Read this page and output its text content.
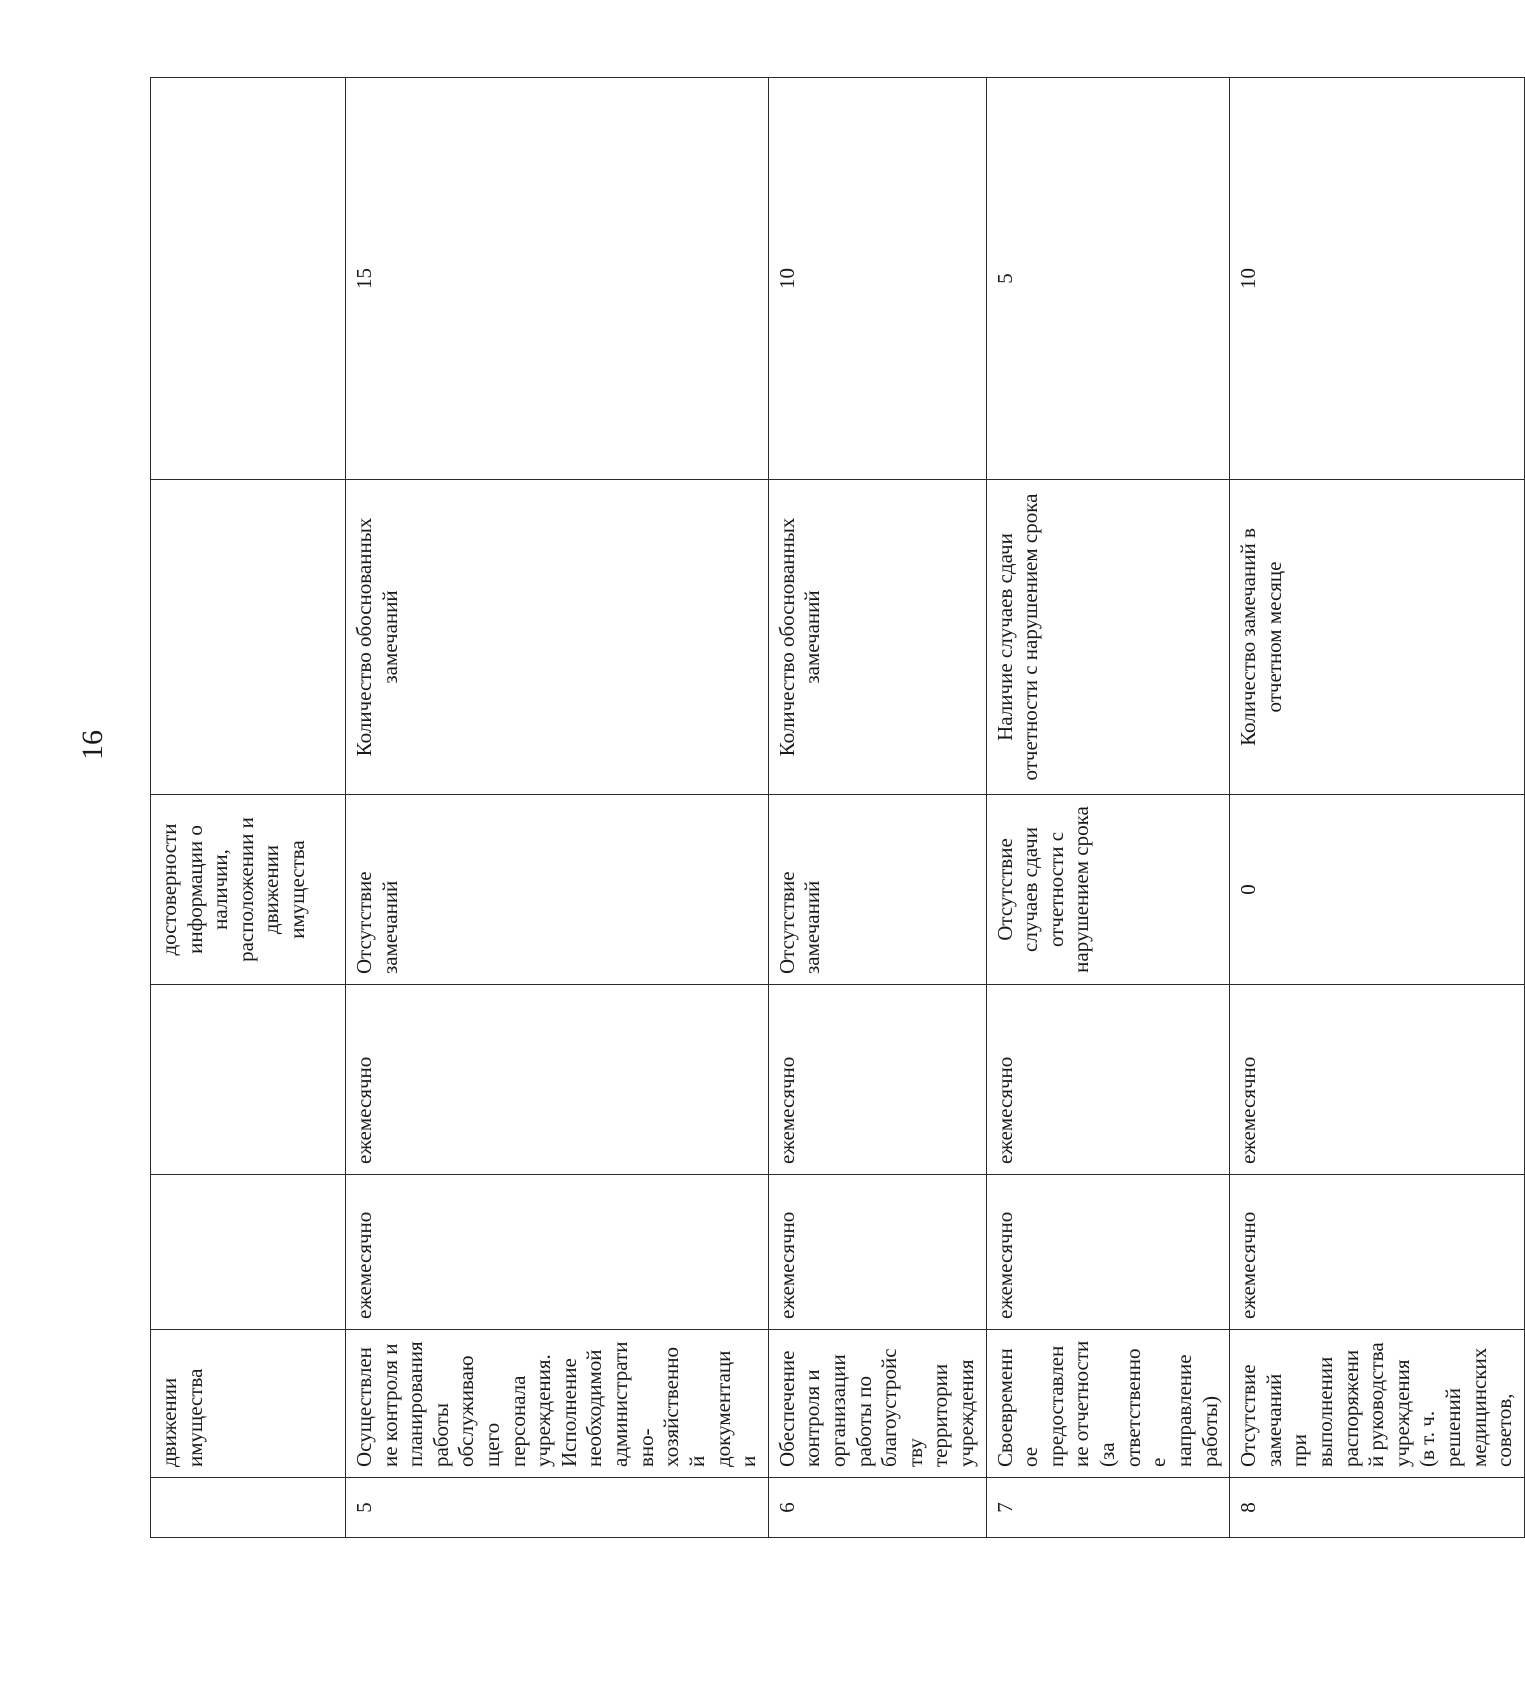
16
	движении имущества			достоверности информации о наличии, расположении и движении имущества		
5	Осуществление контроля и планирования работы обслуживающего персонала учреждения. Исполнение необходимой административно-хозяйственной документации	ежемесячно	ежемесячно	Отсутствие замечаний	Количество обоснованных замечаний	15
6	Обеспечение контроля и организации работы по благоустройству территории учреждения	ежемесячно	ежемесячно	Отсутствие замечаний	Количество обоснованных замечаний	10
7	Своевременное предоставление отчетности (за ответственное направление работы)	ежемесячно	ежемесячно	Отсутствие случаев сдачи отчетности с нарушением срока	Наличие случаев сдачи отчетности с нарушением срока	5
8	Отсутствие замечаний при выполнении распоряжений руководства учреждения (в т. ч. решений медицинских советов,	ежемесячно	ежемесячно	0	Количество замечаний в отчетном месяце	10
